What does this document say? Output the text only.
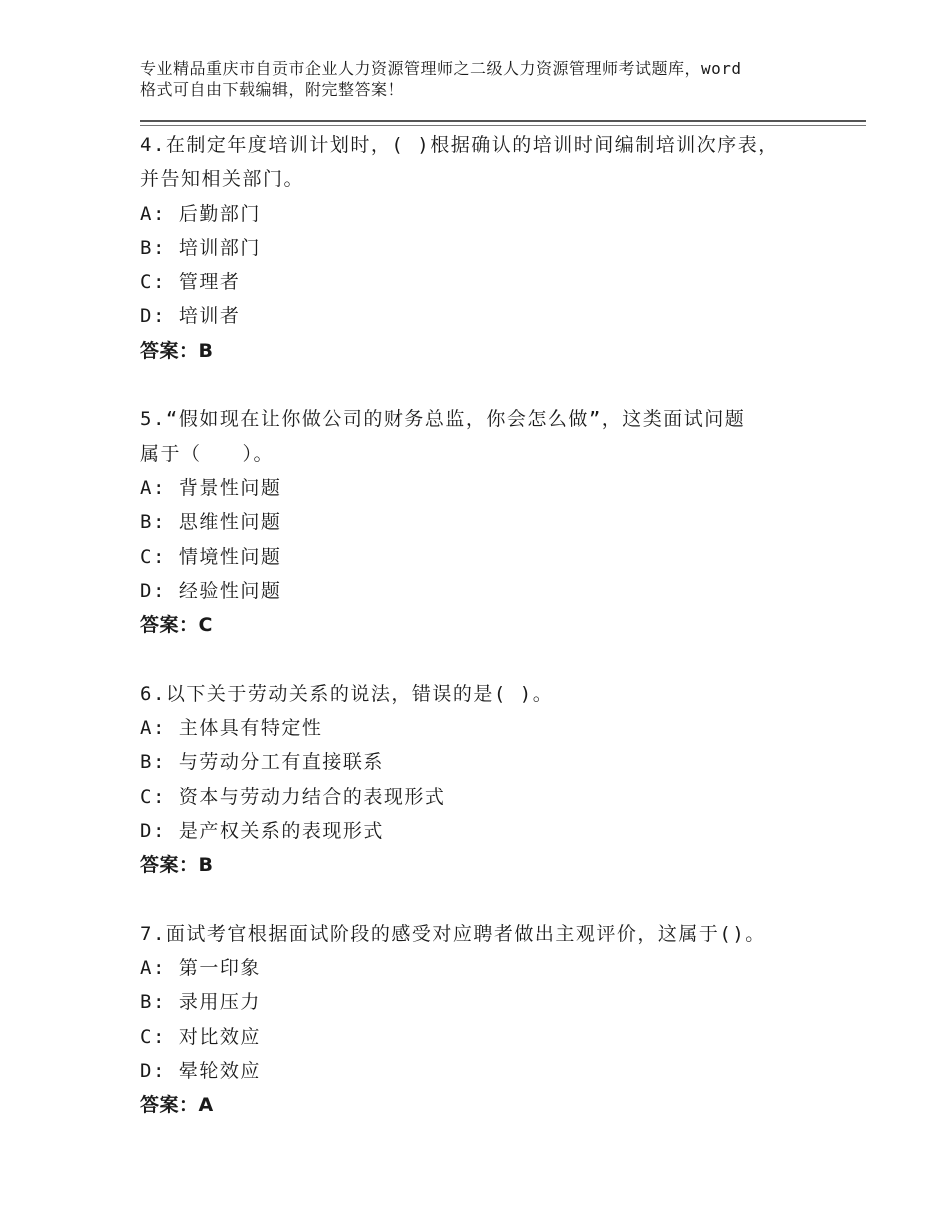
专业精品重庆市自贡市企业人力资源管理师之二级人力资源管理师考试题库，word
格式可自由下载编辑，附完整答案！
4.在制定年度培训计划时，( )根据确认的培训时间编制培训次序表，
并告知相关部门。
A: 后勤部门
B: 培训部门
C: 管理者
D: 培训者
答案：B
5.“假如现在让你做公司的财务总监，你会怎么做”，这类面试问题
属于（　　）。
A: 背景性问题
B: 思维性问题
C: 情境性问题
D: 经验性问题
答案：C
6.以下关于劳动关系的说法，错误的是( )。
A: 主体具有特定性
B: 与劳动分工有直接联系
C: 资本与劳动力结合的表现形式
D: 是产权关系的表现形式
答案：B
7.面试考官根据面试阶段的感受对应聘者做出主观评价，这属于()。
A: 第一印象
B: 录用压力
C: 对比效应
D: 晕轮效应
答案：A
